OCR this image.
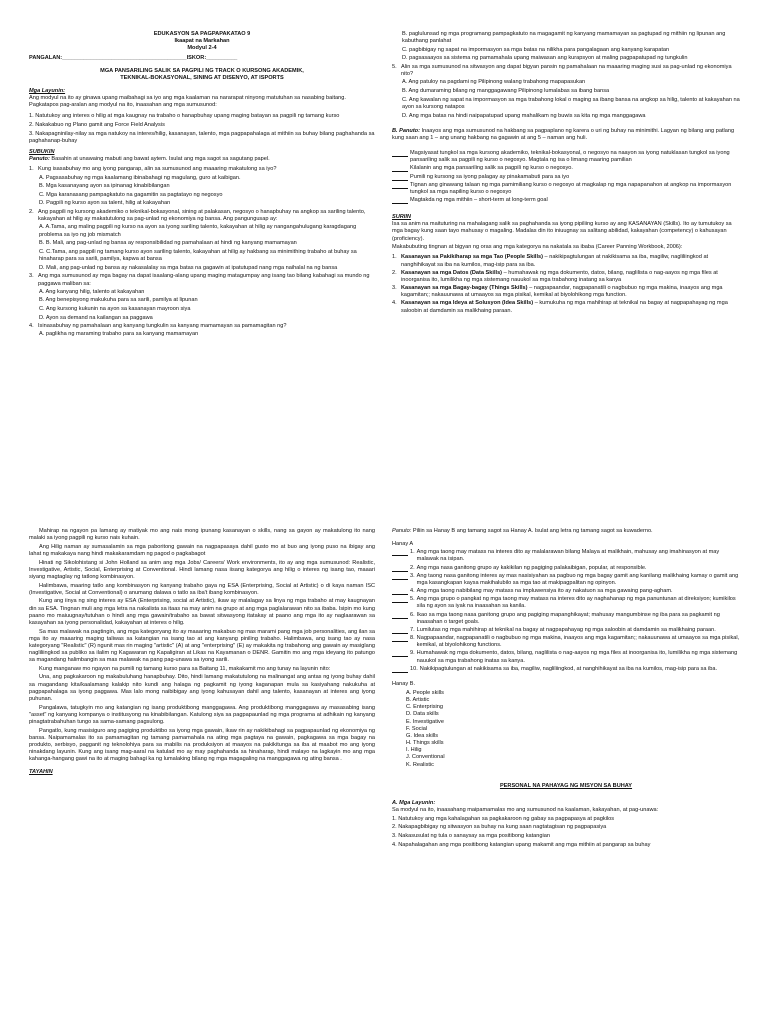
EDUKASYON SA PAGPAPAKATAO 9
Ikaapat na Markahan
Modyul 2-4
PANGALAN:________________________________________ISKOR:__________
MGA PANSARILING SALIK SA PAGPILI NG TRACK O KURSONG AKADEMIK,
TEKNIKAL-BOKASYONAL, SINING AT DISENYO, AT ISPORTS
Mga Layunin:

Ang modyul na ito ay ginawa upang maibahagi sa iyo ang mga kaalaman na nararapat ninyong matutuhan sa nasabing baitang. Pagkatapos pag-aralan ang modyul na ito, inaasahan ang mga sumusunod:

1. Natutukoy ang interes o hilig at mga kaugnay na trabaho o hanapbuhay upang maging batayan sa pagpili ng tamang kurso

2. Nakakabuo ng Plano gamit ang Force Field Analysis

3. Nakapagninilay-nilay sa mga natukoy na interes/hilig, kasanayan, talento, mga pagpapahalaga at mithiin sa buhay bilang paghahanda sa paghahanap-buhay

SUBUKIN

Panuto: Basahin at unawaing mabuti ang bawat aytem. Isulat ang mga sagot sa sagutang papel.

1. Kung isasabuhay mo ang iyong pangarap, alin sa sumusunod ang maaaring makatulong sa iyo?

A. Pagsasabuhay ng mga kaalamang ibinabahagi ng magulang, guro at kaibigan.

B. Mga kasanayang ayon sa ipinanag kinabibilangan

C. Mga karanasang pampagkatuto na gagamitin sa pagtatayo ng negosyo

D. Pagpili ng kurso ayon sa talent, hilig at kakayahan

2. Ang pagpili ng kursong akademiko o teknikal-bokasyonal, sining at palakasan, negosyo o hanapbuhay na angkop sa sariling talento, kakayahan at hilig ay makatutulong sa pag-unlad ng ekonomiya ng bansa. Ang pangungusap ay:

A. A.Tama, ang maling pagpili ng kurso na ayon sa iyong sariling talento, kakayahan at hilig ay nangangahulugang karagdagang problema sa iyo ng job mismatch

B. B. Mali, ang pag-unlad ng bansa ay responsibilidad ng pamahalaan at hindi ng kanyang mamamayan

C. C.Tama, ang pagpili ng tamang kurso ayon sariling talento, kakayahan at hilig ay hakbang sa minimithing trabaho at buhay sa hinaharap para sa sarili, pamilya, kapwa at bansa

D. Mali, ang pag-unlad ng bansa ay nakasalalay sa mga batas na gagawin at ipatutupad nang mga naihalal na ng bansa

3. Ang mga sumusunod ay mga bagay na dapat isaalang-alang upang maging matagumpay ang isang tao bilang kabahagi sa mundo ng paggawa maliban sa:

A. Ang kanyang hilig, talento at kakayahan

B. Ang benepisyong makukuha para sa sarili, pamilya at lipunan

C. Ang kursong kukunin na ayon sa kasanayan mayroon siya

D. Ayon sa demand na kailangan sa paggawa

4. Isinasabuhay ng pamahalaan ang kanyang tungkulin sa kanyang mamamayan sa pamamagitan ng?

A. paglikha ng maraming trabaho para sa kanyang mamamayan

B. paglulunsad ng mga programang pampagkatuto na magagamit ng kanyang mamamayan sa pagtupad ng mithiin ng lipunan ang kabuthang panlahat

C. pagbibigay ng sapat na impormasyon sa mga batas na nilikha para pangalagaan ang kanyang karapatan

D. pagsasaayos sa sistema ng pamamahala upang maiwasan ang kurapsyon at maling pagpapatupad ng tungkulin

5. Alin sa mga sumusunod na sitwasyon ang dapat bigyan pansin ng pamahalaan na maaaring maging susi sa pag-unlad ng ekonomiya nito?

A. Ang patuloy na pagdami ng Pilipinong walang trabahong mapapasukan

B. Ang dumaraming bilang ng manggagawang Pilipinong lumalabas sa ibang bansa

C. Ang kawalan ng sapat na impormasyon sa mga trabahong lokal o maging sa ibang bansa na angkop sa hilig, talento at kakayahan na ayon sa kursong natapos

D. Ang mga batas na hindi naipapatupad upang mahalikam ng buwis sa kita ng mga manggagawa

B. Panuto: Inaayos ang mga sumusunod na hakbang sa pagpaplano ng karera o uri ng buhay na minimithi. Lagyan ng bilang ang patlang kung saan ang 1 – ang unang hakbang na gagawin at ang 5 – naman ang huli.

Magsiyasat tungkol sa mga kursong akademiko, teknikal-bokasyonal, o negosyo na naayon sa iyong natuklasan tungkol sa iyong pansariling salik sa pagpili ng kurso o negosyo. Magtala ng isa o limang maaring pamilian
Kilalanin ang mga pansariling salik sa pagpili ng kurso o negosyo.
Pumili ng kursong sa iyong palagay ay pinakamabuti para sa iyo
Tignan ang ginawang talaan ng mga pamimiliang kurso o negosyo at magkalap ng mga napapanahon at angkop na impormasyon tungkol sa mga napiling kurso o negosyo
Magtakda ng mga mithiin – short-term at long-term goal
SURIIN

Isa sa anim na maituturing na mahalagang salik sa paghahanda sa iyong pipiliing kurso ay ang KASANAYAN (Skills). Ito ay tumutukoy sa mga bagay kung saan tayo mahusay o magaling. Madalas din ito iniuugnay sa salitang abilidad, kakayahan (competency) o kahusayan (proficiency).

Makabubuting tingnan at bigyan ng oras ang mga kategorya na nakatala sa ibaba (Career Panning Workbook, 2006):

1. Kasanayan sa Pakikiharap sa mga Tao (People Skills) – nakikipagtulungan at nakikisama sa iba, magiliw, nagliliingkod at nanghihikayat sa iba na kumilos, mag-isip para sa iba.
2. Kasanayan sa mga Datos (Data Skills) – humahawak ng mga dokumento, datos, bilang, naglilista o nag-aayos ng mga files at inoorganisa ito, lumilikha ng mga sistemang nauukol sa mga trabahong inatang sa kanya
3. Kasanayan sa mga Bagay-bagay (Things Skills) – nagpapaandar, nagpapanatili o nagbubuo ng mga makina, inaayos ang mga kagamitan;; nakauunawa at umaayos sa mga pisikal, kemikal at biyolohikong mga function.
4. Kasanayan sa mga Ideya at Solusyon (Idea Skills) – kumukuha ng mga mahihirap at teknikal na bagay at nagpapahayag ng mga saloobin at damdamin sa malikhaing paraan.

Mahirap na ngayon pa lamang ay matiyak mo ang nais mong ipunang kasanayan o skills, nang sa gayon ay makatulong ito nang malaki sa iyong pagpili ng kurso nais kuhain.

Ang Hilig naman ay sumasalamin sa mga paboritong gawain na nagpapasaya dahil gusto mo at buo ang iyong puso na ibigay ang lahat ng makakaya nang hindi makakaramdam ng pagod o pagkabagot

Hinati ng Sikolohistang si John Holland sa anim ang mga Jobs/ Careers/ Work environments, ito ay ang mga sumusunod: Realistic, Investigative, Artistic, Social, Enterprising at Conventional. Hindi lamang nasa iisang kategorya ang hilig o interes ng isang tao, maaari siyang magtaglay ng tatlong kombinasyon.

Halimbawa, maaring tatlo ang kombinasyon ng kanyang trabaho gaya ng ESA (Enterprising, Social at Artistic) o di kaya naman ISC (Investigative, Social at Conventional) o anumang dalawa o tatlo sa iba't ibang kombinasyon.

Kung ang iinya ng sing interes ay ESA (Enterprising, social at Artistic), ikaw ay malalagay sa linya ng mga trabaho at may kaugnayan din sa ESA. Tingnan muli ang mga letra na nakalista sa itaas na may anim na grupo at ang mga paglalarawan nito sa ibaba. Isipin mo kung paano mo maiuugnay/tutuhan o hindi ang mga gawain/trabaho sa bawat sitwasyong itatakay at paano ang mga ito ay naglaarawan sa kasayahan sa iyong personalidad, kakayahan at interes o hilig.

Sa mas malawak na pagtingin, ang mga kategoryang ito ay maaaring makabuo ng mas marami pang mga job personalities, ang ilan sa mga ito ay maaaring maging taliwas sa katangian na isang tao at ang kanyang piniling trabaho. Halimbawa, ang isang tao ay nasa kategoryang "Realistic" (R) ngunit mas rin maging "artistic" (A) at ang "enterprising" (E) ay makakita ng trabahong ang gawain ay masiglang nagliliingkod sa publiko sa ilalim ng Kagawaran ng Kapaligiran at Likas na Kayamanan o DENR. Gamitin mo ang mga ideyang ito patungo sa magandang halimbangin sa mas malawak na pang pag-unawa sa iyong sarili.

Kung manganaw mo ngayon na pumili ng tamang kurso para sa Baitang 11, makakamit mo ang tunay na layunin nito:

Una, ang pagkakaroon ng makabuluhang hanapbuhay. Dito, hindi lamang makatutulong na malinangat ang antas ng iyong buhay dahil sa magandang kita/kaalamang kalakip nito kundi ang halaga ng pagkamit ng iyong kaganapan mula sa kasiyahang nakukuha at pagpapahalaga sa iyong paggawa. Mas lalo mong naibibigay ang iyong kahusayan dahil ang talento, kasanayan at interes ang iyong puhunan.

Pangalawa, tatugkyin mo ang katangian ng isang produktibong manggagawa. Ang produktibong manggagawa ay masasabing isang "asset" ng kanyang kompanya o institusyong na kinabibilangan. Katulong siya sa pagpapaunlad ng mga programa at adhikain ng kanyang pinagtatrabahuhan tungo sa sama-samang pagsulong.

Pangatlo, kung masisiguro ang pagiging produktibo sa iyong mga gawain, ikaw rin ay nakikibahagi sa pagpapaunlad ng ekonomiya ng bansa. Naipamamalas ito sa pamamagitan ng tamang pamamahala na ating mga pagtaya na gawain, pagkagawa sa mga bagay na produkto, serbisyo, pagganit ng teknolohiya para sa mabilis na produksiyon at maayos na pakikitunga sa iba at maabot mo ang iyong ninakdang layunin. Kung ang isang mag-aaral na katulad mo ay may paghahanda sa hinaharap, hindi malayo na lagkayin mo ang mga kahanga-hangang gawi na ito at maging bahagi ka ng lumalaking bilang ng mga magagaling na manggagawa ng ating bansa .

TAYAHIN

Panuto: Piliin sa Hanay B ang tamang sagot sa Hanay A. Isulat ang letra ng tamang sagot sa kuwaderno.

Hanay A
1. Ang mga taong may matass na interes dito ay malalarawan bilang Malaya at malikhain, mahusay ang imahinasyon at may malawak na isipan.
2. Ang mga nasa ganitong grupo ay kakikilan ng pagiging palakaibigan, popular, at responsible.
3. Ang taong nasa ganitong interes ay mas nasisiyahan sa pagbuo ng mga bagay gamit ang kanilang malikhaing kamay o gamit ang mga kasangkapan kaysa makihalubilo sa mga tao at makipagpalitan ng opinyon.
4. Ang mga taong nabibilang may matass na impluwensiya ito ay nakatuon sa mga gawaing pang-agham.
5. Ang mga grupo o pangkat ng mga taong may matass na interes dito ay naghahanap ng mga panuntunan at direksiyon; kumikilos sila ng ayon sa iyak na inaasahan sa kanila.
6. Ikao sa mga taong nasa ganitong grupo ang pagiging mapanghikayat; mahusay mangumbinse ng iba para sa pagkamit ng inaasahan o target goals.
7. Lumilutas ng mga mahihirap at teknikal na bagay at nagpapahayag ng mga saloobin at damdamin sa malikhaing paraan.
8. Nagpapaandar, nagpapanatili o nagbubuo ng mga makina, inaayos ang mga kagamitan;; nakauunawa at umaayos sa mga pisikal, kemikal, at biyolohikong functions.
9. Humahawak ng mga dokumento, datos, bilang, naglilista o nag-aayos ng mga files at inoorganisa ito, lumilikha ng mga sistemang nauukol sa mga trabahong inatas sa kanya.
10. Nakikipagtulungan at nakikisama sa iba, magiliw, nagliliingkod, at nanghihikayat sa iba na kumilos, mag-isip para sa iba.
Hanay B.
A. People skills
B. Artistic
C. Enterprising
D. Data skills
E. Investigative
F. Social
G. Idea skills
H. Things skills
I. Hilig
J. Conventional
K. Realistic
PERSONAL NA PAHAYAG NG MISYON SA BUHAY
A. Mga Layunin:

Sa modyul na ito, inaasahang maipamamalas mo ang sumusunod na kaalaman, kakayahan, at pag-unawa:

1. Natutukoy ang mga kahalagahan sa pagkakaroon ng gabay sa pagpapasya at pagkilos

2. Nakapagbibigay ng sitwasyon sa buhay na kung saan nagtatagisan ng pagpapasiya

3. Nakasusulat ng tula o sanaysay sa mga positibong katangian

4. Napahalagahan ang mga positibong katangian upang makamit ang mga mithiin at pangarap sa buhay
